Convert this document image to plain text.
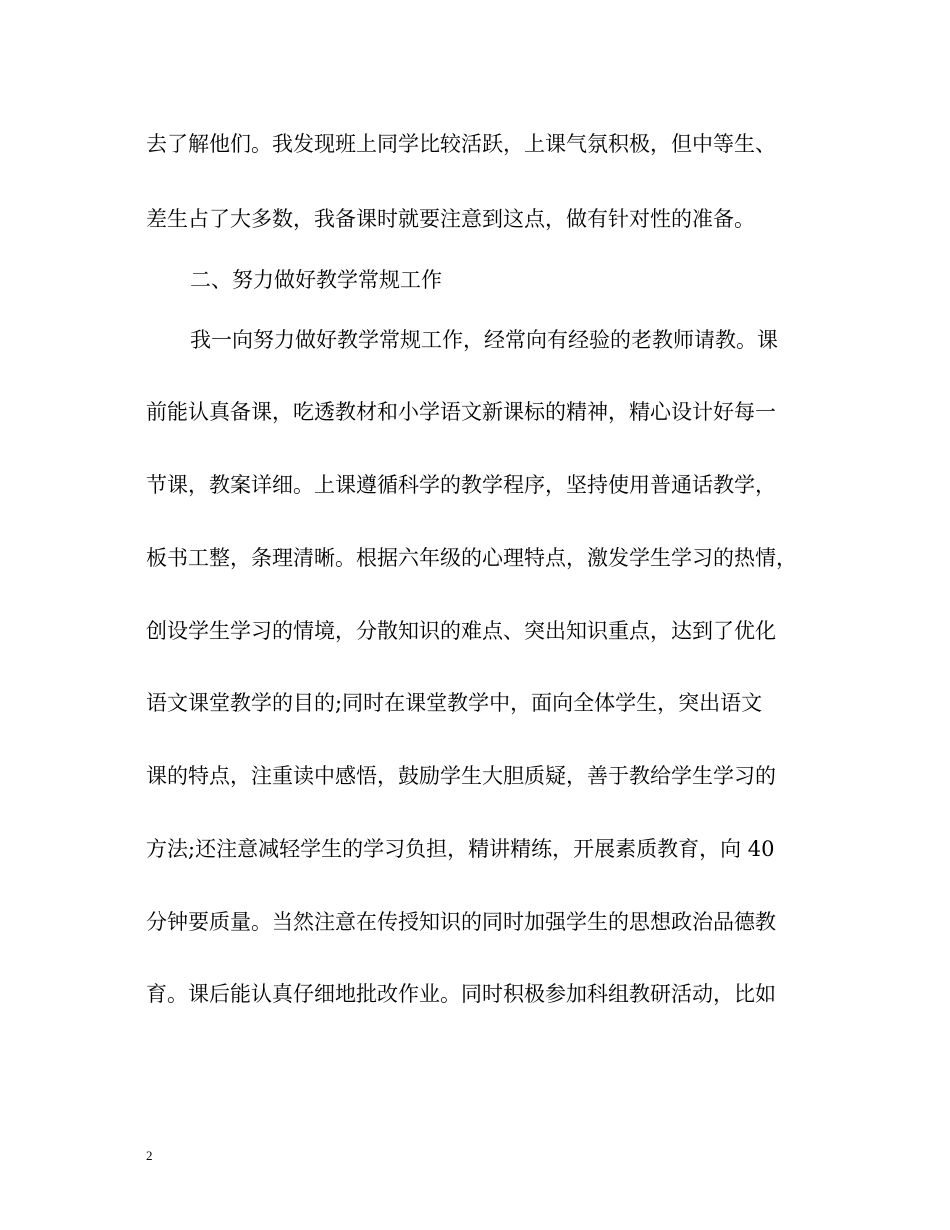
去了解他们。我发现班上同学比较活跃，上课气氛积极，但中等生、
差生占了大多数，我备课时就要注意到这点，做有针对性的准备。
二、努力做好教学常规工作
我一向努力做好教学常规工作，经常向有经验的老教师请教。课
前能认真备课，吃透教材和小学语文新课标的精神，精心设计好每一
节课，教案详细。上课遵循科学的教学程序，坚持使用普通话教学，
板书工整，条理清晰。根据六年级的心理特点，激发学生学习的热情，
创设学生学习的情境，分散知识的难点、突出知识重点，达到了优化
语文课堂教学的目的;同时在课堂教学中，面向全体学生，突出语文
课的特点，注重读中感悟，鼓励学生大胆质疑，善于教给学生学习的
方法;还注意减轻学生的学习负担，精讲精练，开展素质教育，向 40
分钟要质量。当然注意在传授知识的同时加强学生的思想政治品德教
育。课后能认真仔细地批改作业。同时积极参加科组教研活动，比如
2
